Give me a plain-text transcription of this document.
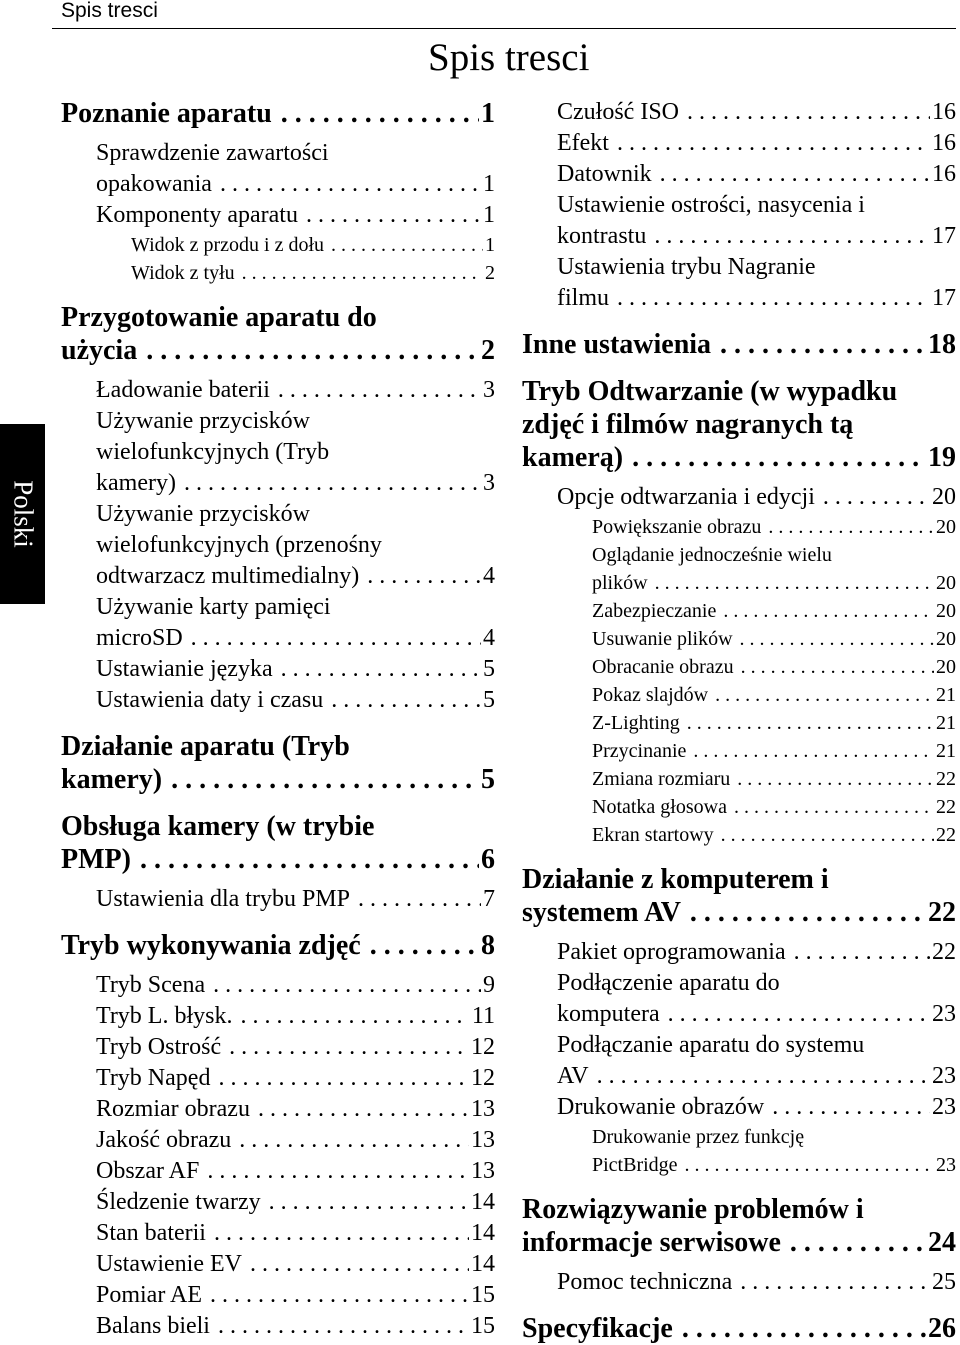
Spis tresci
Spis tresci
Polski
Poznanie aparatu	1
. . .
Sprawdzenie zawartości
opakowania	1
. . .
Komponenty aparatu	1
. . .
Widok z przodu i z dołu	1
. . .
Widok z tyłu	2
. . .
Przygotowanie aparatu do
użycia	2
. . .
Ładowanie baterii	3
. . .
Używanie przycisków
wielofunkcyjnych (Tryb
kamery)	3
. . .
Używanie przycisków
wielofunkcyjnych (przenośny
odtwarzacz multimedialny)	4
. . .
Używanie karty pamięci
microSD	4
. . .
Ustawianie języka	5
. . .
Ustawienia daty i czasu	5
. . .
Działanie aparatu (Tryb
kamery)	5
. . .
Obsługa kamery (w trybie
PMP)	6
. . .
Ustawienia dla trybu PMP	7
. . .
Tryb wykonywania zdjęć	8
. . .
Tryb Scena	9
. . .
Tryb L. błysk.	11
. . .
Tryb Ostrość	12
. . .
Tryb Napęd	12
. . .
Rozmiar obrazu	13
. . .
Jakość obrazu	13
. . .
Obszar AF	13
. . .
Śledzenie twarzy	14
. . .
Stan baterii	14
. . .
Ustawienie EV	14
. . .
Pomiar AE	15
. . .
Balans bieli	15
. . .
Czułość ISO	16
. . .
Efekt	16
. . .
Datownik	16
. . .
Ustawienie ostrości, nasycenia i
kontrastu	17
. . .
Ustawienia trybu Nagranie
filmu	17
. . .
Inne ustawienia	18
. . .
Tryb Odtwarzanie (w wypadku
zdjęć i filmów nagranych tą
kamerą)	19
. . .
Opcje odtwarzania i edycji	20
. . .
Powiększanie obrazu	20
. . .
Oglądanie jednocześnie wielu
plików	20
. . .
Zabezpieczanie	20
. . .
Usuwanie plików	20
. . .
Obracanie obrazu	20
. . .
Pokaz slajdów	21
. . .
Z-Lighting	21
. . .
Przycinanie	21
. . .
Zmiana rozmiaru	22
. . .
Notatka głosowa	22
. . .
Ekran startowy	22
. . .
Działanie z komputerem i
systemem AV	22
. . .
Pakiet oprogramowania	22
. . .
Podłączenie aparatu do
komputera	23
. . .
Podłączanie aparatu do systemu
AV	23
. . .
Drukowanie obrazów	23
. . .
Drukowanie przez funkcję
PictBridge	23
. . .
Rozwiązywanie problemów i
informacje serwisowe	24
. . .
Pomoc techniczna	25
. . .
Specyfikacje	26
. . .
